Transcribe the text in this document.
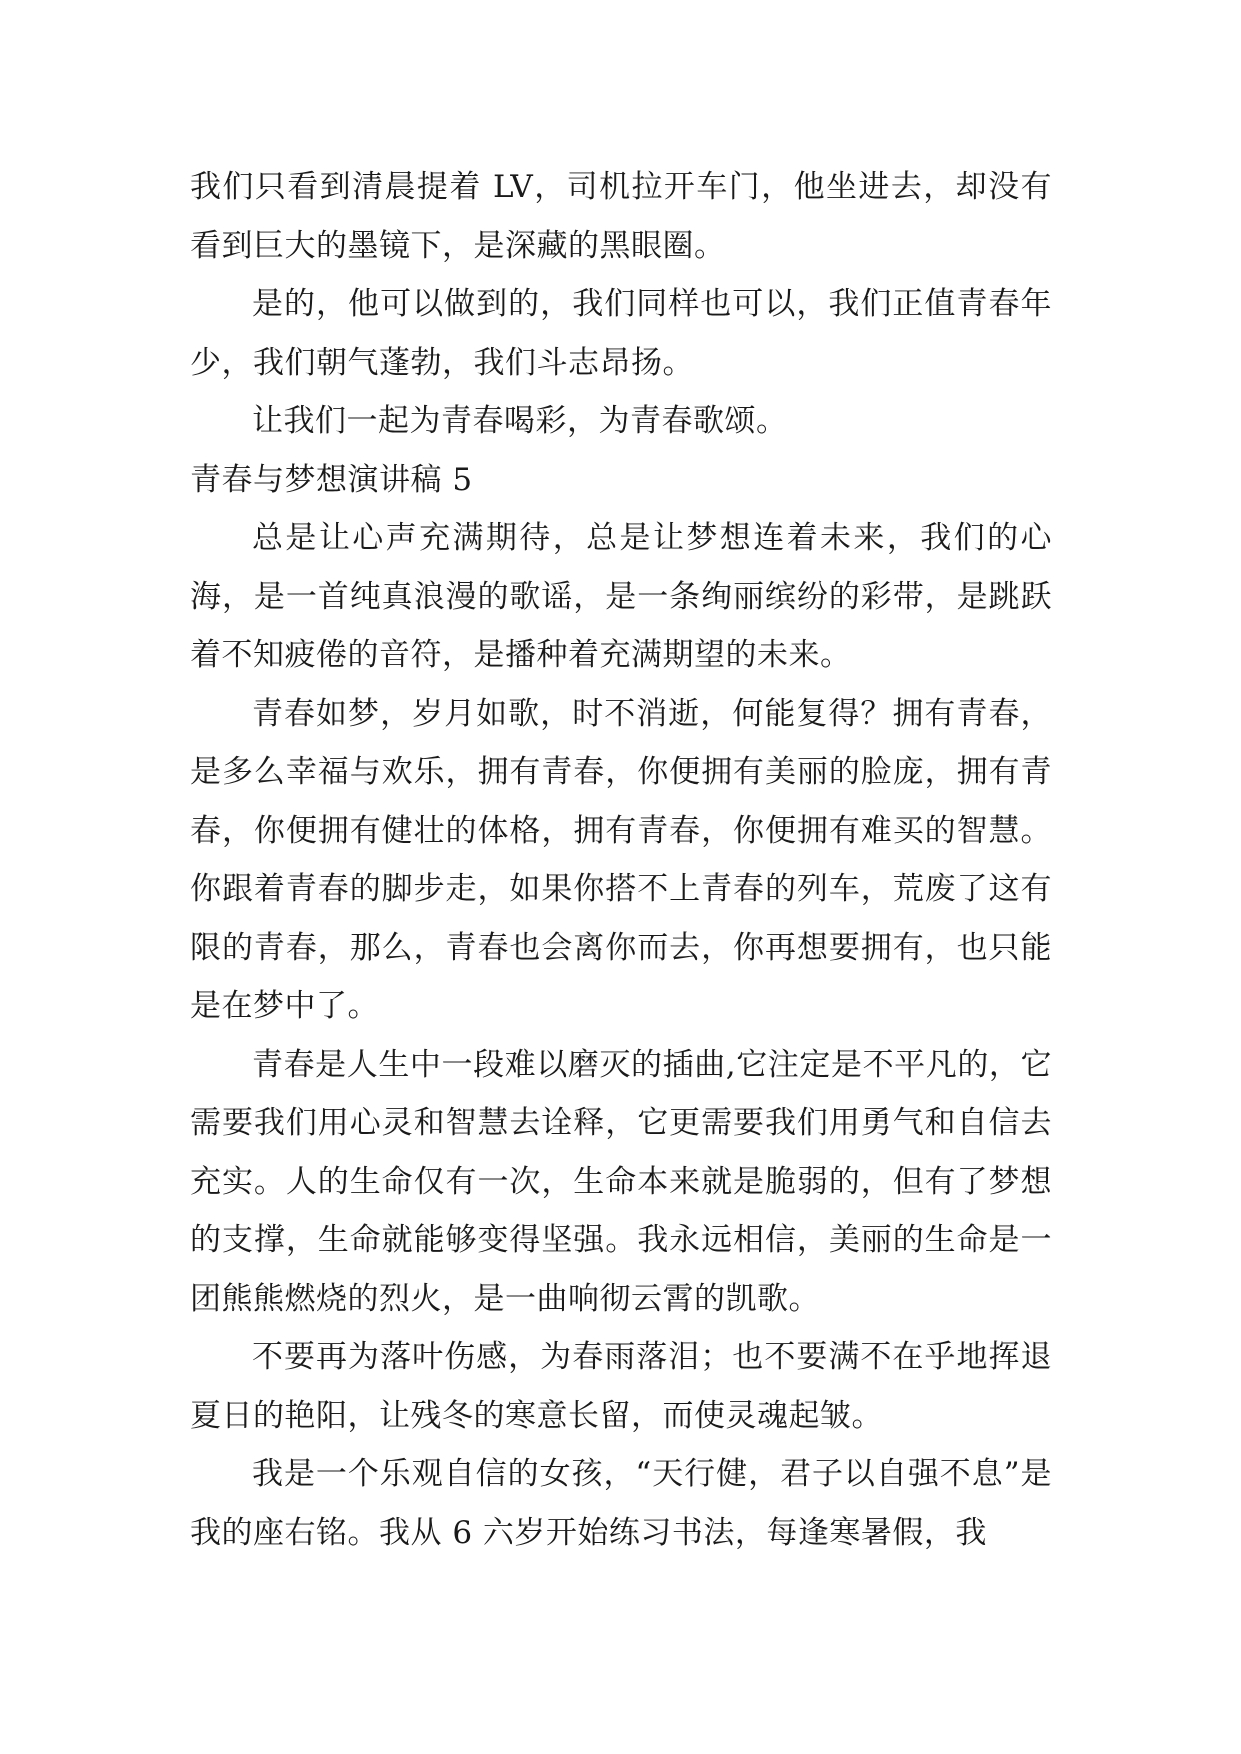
我们只看到清晨提着 LV，司机拉开车门，他坐进去，却没有看到巨大的墨镜下，是深藏的黑眼圈。

是的，他可以做到的，我们同样也可以，我们正值青春年少，我们朝气蓬勃，我们斗志昂扬。

让我们一起为青春喝彩，为青春歌颂。

青春与梦想演讲稿 5

总是让心声充满期待，总是让梦想连着未来，我们的心海，是一首纯真浪漫的歌谣，是一条绚丽缤纷的彩带，是跳跃着不知疲倦的音符，是播种着充满期望的未来。

青春如梦，岁月如歌，时不消逝，何能复得？拥有青春，是多么幸福与欢乐，拥有青春，你便拥有美丽的脸庞，拥有青春，你便拥有健壮的体格，拥有青春，你便拥有难买的智慧。你跟着青春的脚步走，如果你搭不上青春的列车，荒废了这有限的青春，那么，青春也会离你而去，你再想要拥有，也只能是在梦中了。

青春是人生中一段难以磨灭的插曲,它注定是不平凡的，它需要我们用心灵和智慧去诠释，它更需要我们用勇气和自信去充实。人的生命仅有一次，生命本来就是脆弱的，但有了梦想的支撑，生命就能够变得坚强。我永远相信，美丽的生命是一团熊熊燃烧的烈火，是一曲响彻云霄的凯歌。

不要再为落叶伤感，为春雨落泪；也不要满不在乎地挥退夏日的艳阳，让残冬的寒意长留，而使灵魂起皱。

我是一个乐观自信的女孩，“天行健，君子以自强不息”是我的座右铭。我从 6 六岁开始练习书法，每逢寒暑假，我
